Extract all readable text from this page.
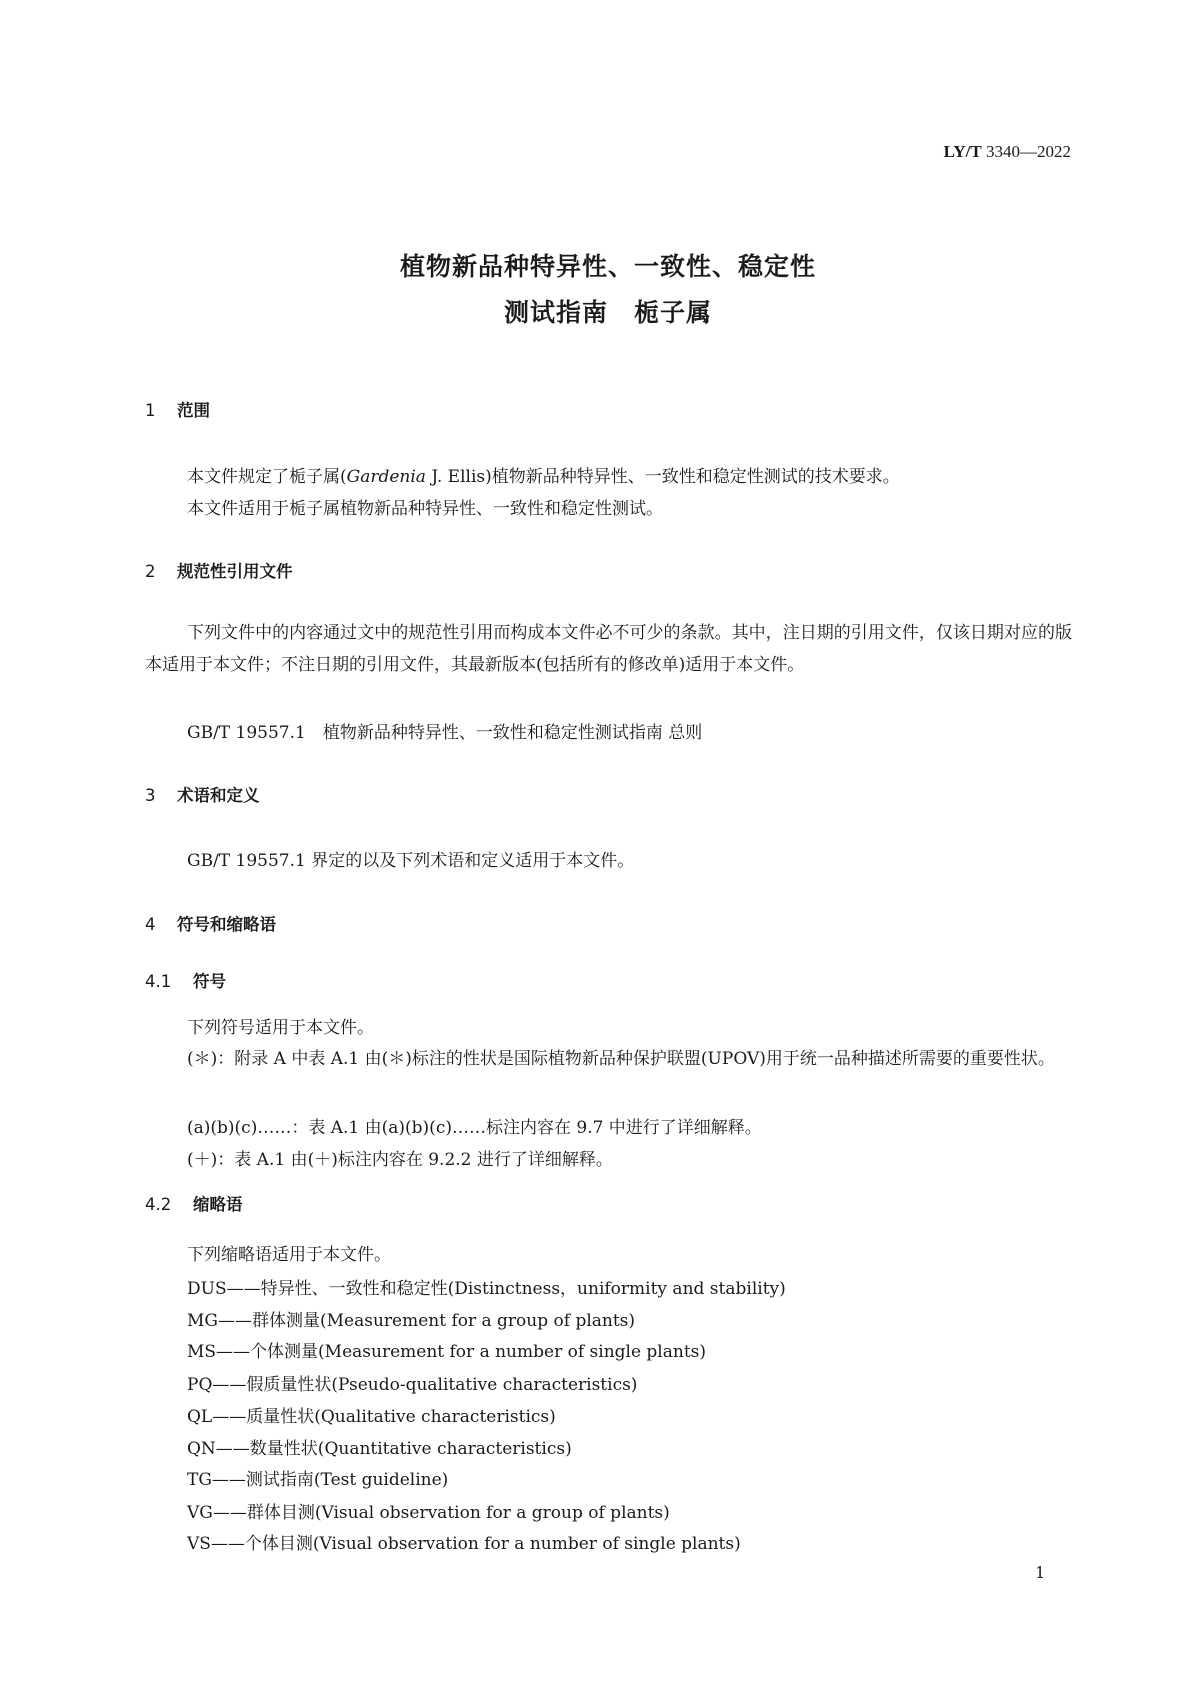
LY/T 3340—2022
植物新品种特异性、一致性、稳定性
测试指南　栀子属
1 范围
本文件规定了栀子属(Gardenia J. Ellis)植物新品种特异性、一致性和稳定性测试的技术要求。
本文件适用于栀子属植物新品种特异性、一致性和稳定性测试。
2 规范性引用文件
下列文件中的内容通过文中的规范性引用而构成本文件必不可少的条款。其中，注日期的引用文件，仅该日期对应的版本适用于本文件；不注日期的引用文件，其最新版本(包括所有的修改单)适用于本文件。
GB/T 19557.1　植物新品种特异性、一致性和稳定性测试指南 总则
3 术语和定义
GB/T 19557.1 界定的以及下列术语和定义适用于本文件。
4 符号和缩略语
4.1 符号
下列符号适用于本文件。
(＊)：附录 A 中表 A.1 由(＊)标注的性状是国际植物新品种保护联盟(UPOV)用于统一品种描述所需要的重要性状。
(a)(b)(c)……：表 A.1 由(a)(b)(c)……标注内容在 9.7 中进行了详细解释。
(＋)：表 A.1 由(＋)标注内容在 9.2.2 进行了详细解释。
4.2 缩略语
下列缩略语适用于本文件。
DUS——特异性、一致性和稳定性(Distinctness，uniformity and stability)
MG——群体测量(Measurement for a group of plants)
MS——个体测量(Measurement for a number of single plants)
PQ——假质量性状(Pseudo-qualitative characteristics)
QL——质量性状(Qualitative characteristics)
QN——数量性状(Quantitative characteristics)
TG——测试指南(Test guideline)
VG——群体目测(Visual observation for a group of plants)
VS——个体目测(Visual observation for a number of single plants)
1
